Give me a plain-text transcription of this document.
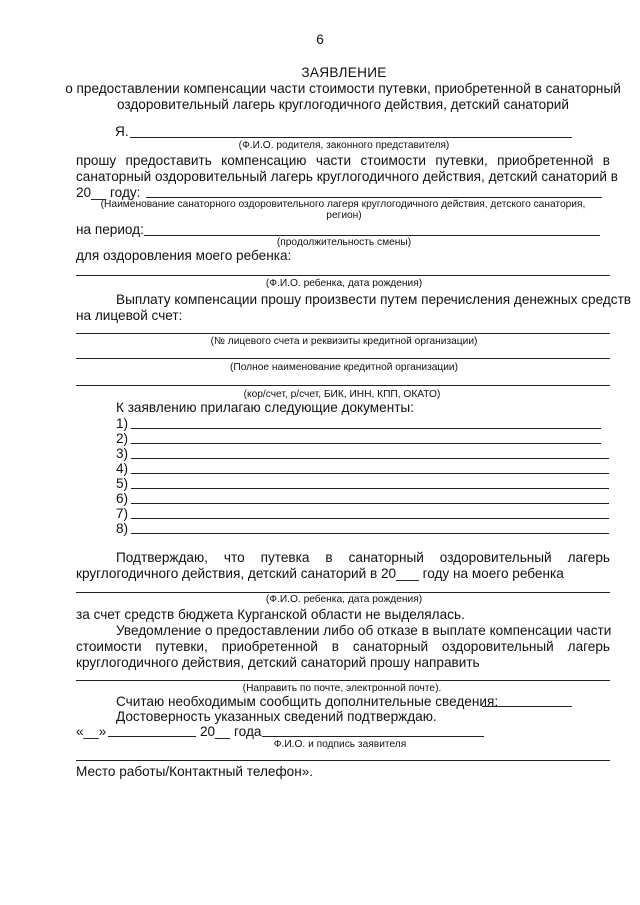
6
ЗАЯВЛЕНИЕ
о предоставлении компенсации части стоимости путевки, приобретенной в санаторный
оздоровительный лагерь круглогодичного действия, детский санаторий
Я.
(Ф.И.О. родителя, законного представителя)
прошу предоставить компенсацию части стоимости путевки, приобретенной в
санаторный оздоровительный лагерь круглогодичного действия, детский санаторий в
20__ году:
(Наименование санаторного оздоровительного лагеря круглогодичного действия, детского санатория,
регион)
на период:
(продолжительность смены)
для оздоровления моего ребенка:
(Ф.И.О. ребенка, дата рождения)
Выплату компенсации прошу произвести путем перечисления денежных средств
на лицевой счет:
(№ лицевого счета и реквизиты кредитной организации)
(Полное наименование кредитной организации)
(кор/счет, р/счет, БИК, ИНН, КПП, ОКАТО)
К заявлению прилагаю следующие документы:
1)
2)
3)
4)
5)
6)
7)
8)
Подтверждаю, что путевка в санаторный оздоровительный лагерь
круглогодичного действия, детский санаторий в 20___ году на моего ребенка
(Ф.И.О. ребенка, дата рождения)
за счет средств бюджета Курганской области не выделялась.
Уведомление о предоставлении либо об отказе в выплате компенсации части
стоимости путевки, приобретенной в санаторный оздоровительный лагерь
круглогодичного действия, детский санаторий прошу направить
(Направить по почте, электронной почте).
Считаю необходимым сообщить дополнительные сведения:
Достоверность указанных сведений подтверждаю.
«__»	20__ года
Ф.И.О. и подпись заявителя
Место работы/Контактный телефон».
